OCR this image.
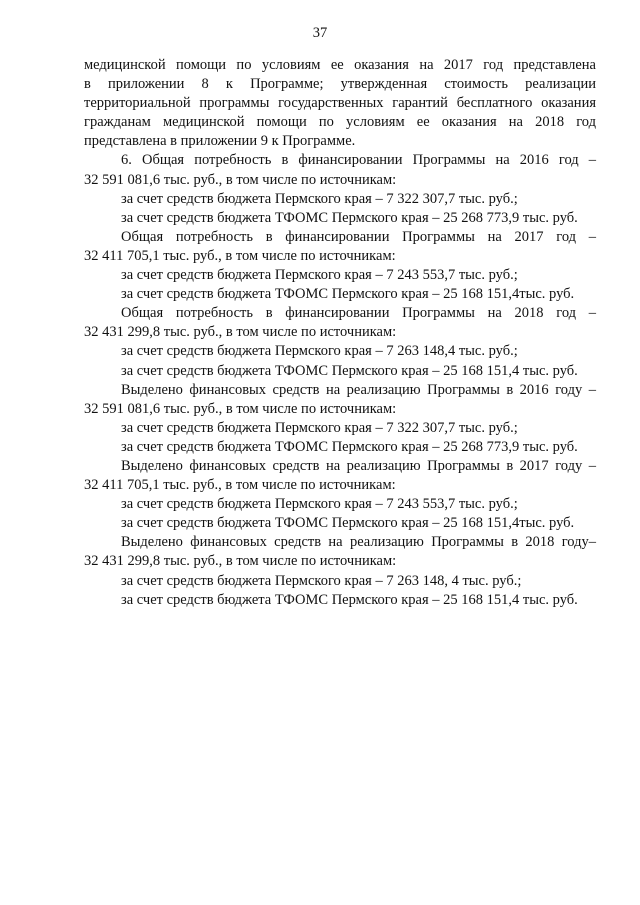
37
медицинской помощи по условиям ее оказания на 2017 год представлена
в приложении 8 к Программе; утвержденная стоимость реализации
территориальной программы государственных гарантий бесплатного оказания
гражданам медицинской помощи по условиям ее оказания на 2018 год
представлена в приложении 9 к Программе.
6. Общая потребность в финансировании Программы на 2016 год –
32 591 081,6 тыс. руб., в том числе по источникам:
за счет средств бюджета Пермского края – 7 322 307,7 тыс. руб.;
за счет средств бюджета ТФОМС Пермского края – 25 268 773,9 тыс. руб.
Общая потребность в финансировании Программы на 2017 год –
32 411 705,1 тыс. руб., в том числе по источникам:
за счет средств бюджета Пермского края – 7 243 553,7 тыс. руб.;
за счет средств бюджета ТФОМС Пермского края – 25 168 151,4тыс. руб.
Общая потребность в финансировании Программы на 2018 год –
32 431 299,8 тыс. руб., в том числе по источникам:
за счет средств бюджета Пермского края – 7 263 148,4 тыс. руб.;
за счет средств бюджета ТФОМС Пермского края – 25 168 151,4 тыс. руб.
Выделено финансовых средств на реализацию Программы в 2016 году –
32 591 081,6 тыс. руб., в том числе по источникам:
за счет средств бюджета Пермского края – 7 322 307,7 тыс. руб.;
за счет средств бюджета ТФОМС Пермского края – 25 268 773,9 тыс. руб.
Выделено финансовых средств на реализацию Программы в 2017 году –
32 411 705,1 тыс. руб., в том числе по источникам:
за счет средств бюджета Пермского края – 7 243 553,7 тыс. руб.;
за счет средств бюджета ТФОМС Пермского края – 25 168 151,4тыс. руб.
Выделено финансовых средств на реализацию Программы в 2018 году–
32 431 299,8 тыс. руб., в том числе по источникам:
за счет средств бюджета Пермского края – 7 263 148, 4 тыс. руб.;
за счет средств бюджета ТФОМС Пермского края – 25 168 151,4 тыс. руб.
